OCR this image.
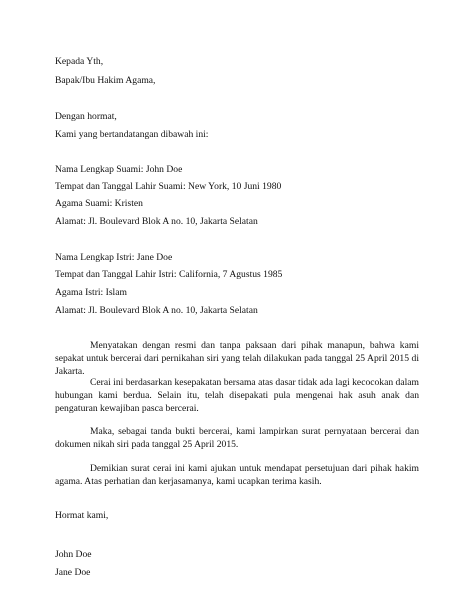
Kepada Yth,
Bapak/Ibu Hakim Agama,
Dengan hormat,
Kami yang bertandatangan dibawah ini:
Nama Lengkap Suami: John Doe
Tempat dan Tanggal Lahir Suami: New York, 10 Juni 1980
Agama Suami: Kristen
Alamat: Jl. Boulevard Blok A no. 10, Jakarta Selatan
Nama Lengkap Istri: Jane Doe
Tempat dan Tanggal Lahir Istri: California, 7 Agustus 1985
Agama Istri: Islam
Alamat: Jl. Boulevard Blok A no. 10, Jakarta Selatan
Menyatakan dengan resmi dan tanpa paksaan dari pihak manapun, bahwa kami sepakat untuk bercerai dari pernikahan siri yang telah dilakukan pada tanggal 25 April 2015 di Jakarta.
Cerai ini berdasarkan kesepakatan bersama atas dasar tidak ada lagi kecocokan dalam hubungan kami berdua. Selain itu, telah disepakati pula mengenai hak asuh anak dan pengaturan kewajiban pasca bercerai.
Maka, sebagai tanda bukti bercerai, kami lampirkan surat pernyataan bercerai dan dokumen nikah siri pada tanggal 25 April 2015.
Demikian surat cerai ini kami ajukan untuk mendapat persetujuan dari pihak hakim agama. Atas perhatian dan kerjasamanya, kami ucapkan terima kasih.
Hormat kami,
John Doe
Jane Doe
